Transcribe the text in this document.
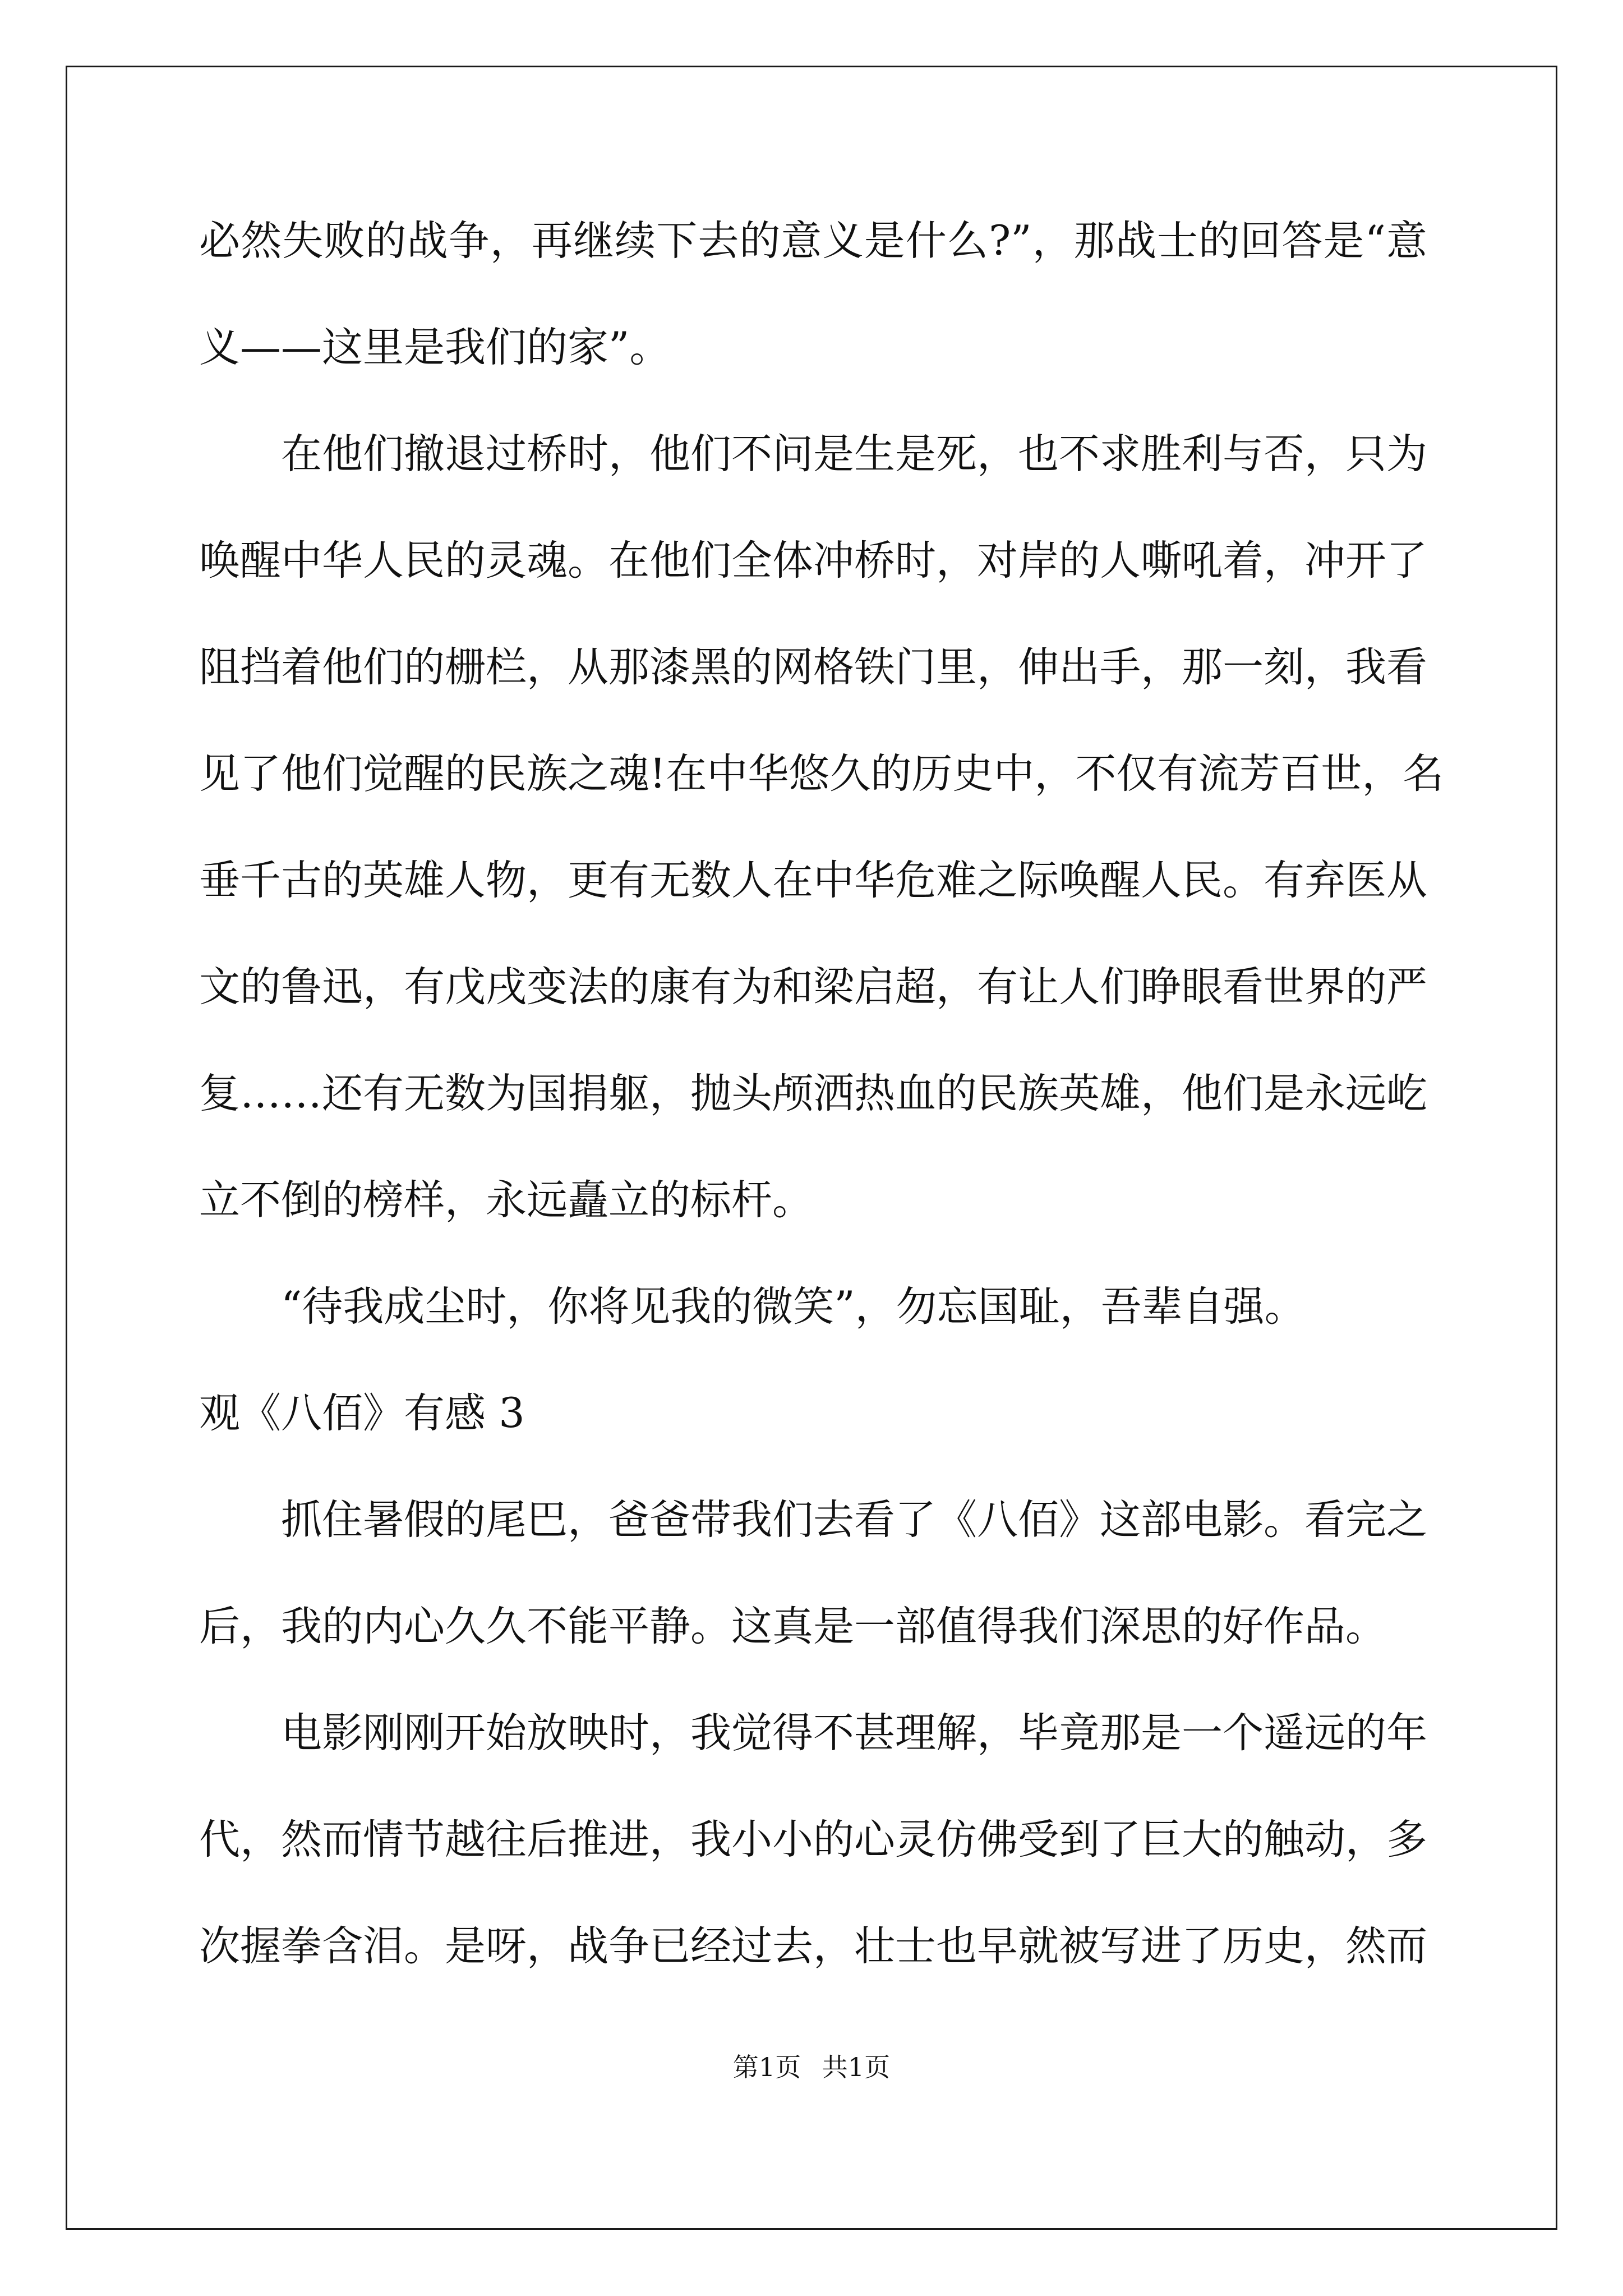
必然失败的战争，再继续下去的意义是什么?”，那战士的回答是“意
义——这里是我们的家”。
在他们撤退过桥时，他们不问是生是死，也不求胜利与否，只为
唤醒中华人民的灵魂。在他们全体冲桥时，对岸的人嘶吼着，冲开了
阻挡着他们的栅栏，从那漆黑的网格铁门里，伸出手，那一刻，我看
见了他们觉醒的民族之魂!在中华悠久的历史中，不仅有流芳百世，名
垂千古的英雄人物，更有无数人在中华危难之际唤醒人民。有弃医从
文的鲁迅，有戊戌变法的康有为和梁启超，有让人们睁眼看世界的严
复……还有无数为国捐躯，抛头颅洒热血的民族英雄，他们是永远屹
立不倒的榜样，永远矗立的标杆。
“待我成尘时，你将见我的微笑”，勿忘国耻，吾辈自强。
观《八佰》有感 3
抓住暑假的尾巴，爸爸带我们去看了《八佰》这部电影。看完之
后，我的内心久久不能平静。这真是一部值得我们深思的好作品。
电影刚刚开始放映时，我觉得不甚理解，毕竟那是一个遥远的年
代，然而情节越往后推进，我小小的心灵仿佛受到了巨大的触动，多
次握拳含泪。是呀，战争已经过去，壮士也早就被写进了历史，然而
第1页 共1页
